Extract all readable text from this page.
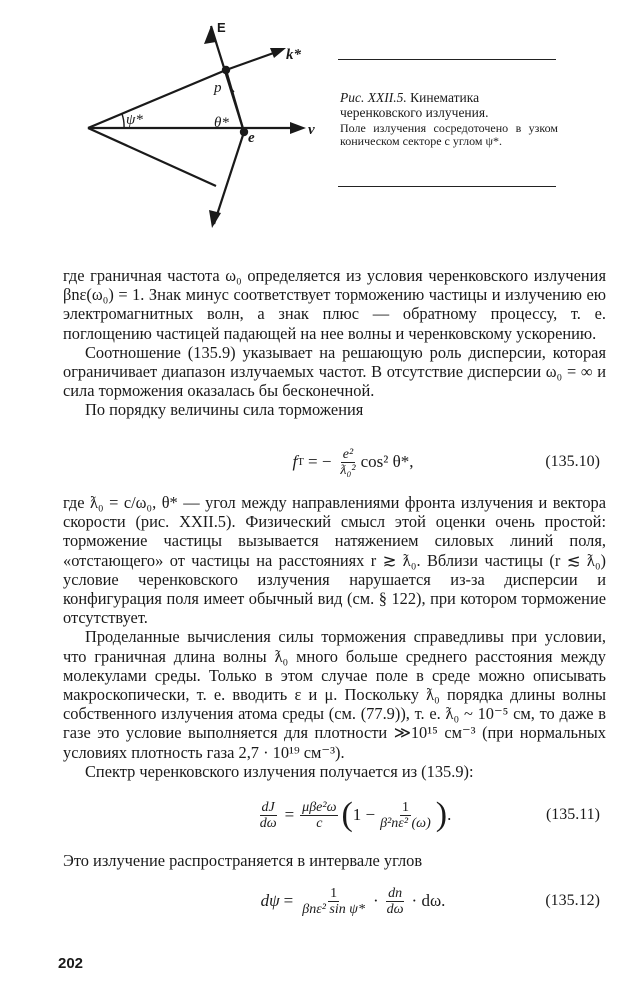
E
k*
v
p
e
ψ*	θ*
Рис. XXII.5. Кинематика черенковского излучения.
Поле излучения сосредоточено в узком коническом секторе с углом ψ*.

где граничная частота ω₀ определяется из условия черенковского излучения βnε(ω₀) = 1. Знак минус соответствует торможению частицы и излучению ею электромагнитных волн, а знак плюс — обратному процессу, т. е. поглощению частицей падающей на нее волны и черенковскому ускорению.

Соотношение (135.9) указывает на решающую роль дисперсии, которая ограничивает диапазон излучаемых частот. В отсутствие дисперсии ω₀ = ∞ и сила торможения оказалась бы бесконечной.

По порядку величины сила торможения

f T = − $\frac{\text{e²}}{\text{ƛ₀²}} \cos^2$ θ*,	(135.10)

где ƛ₀ = c/ω₀, θ* — угол между направлениями фронта излучения и вектора скорости (рис. XXII.5). Физический смысл этой оценки очень простой: торможение частицы вызывается натяжением силовых линий поля, «отстающего» от частицы на расстояниях r ≳ ƛ₀. Вблизи частицы (r ≲ ƛ₀) условие черенковского излучения нарушается из-за дисперсии и конфигурация поля имеет обычный вид (см. § 122), при котором торможение отсутствует.

Проделанные вычисления силы торможения справедливы при условии, что граничная длина волны ƛ₀ много больше среднего расстояния между молекулами среды. Только в этом случае поле в среде можно описывать макроскопически, т. е. вводить ε и μ. Поскольку ƛ₀ порядка длины волны собственного излучения атома среды (см. (77.9)), т. е. ƛ₀ ~ 10⁻⁵ см, то даже в газе это условие выполняется для плотности ≫10¹⁵ см⁻³ (при нормальных условиях плотность газа 2,7 · 10¹⁹ см⁻³).

Спектр черенковского излучения получается из (135.9):

$\frac{dJ}{d\omega} = \frac{\text{μβe²ω}}{c}$ ( $1 - \frac{1}{\text{β²nε² (ω)}}$ ) .	(135.11)

Это излучение распространяется в интервале углов

$d\psi = \frac{1}{\text{βnε² sin ψ*}} \cdot \frac{dn}{d\omega} \cdot d\omega$.	(135.12)
202
